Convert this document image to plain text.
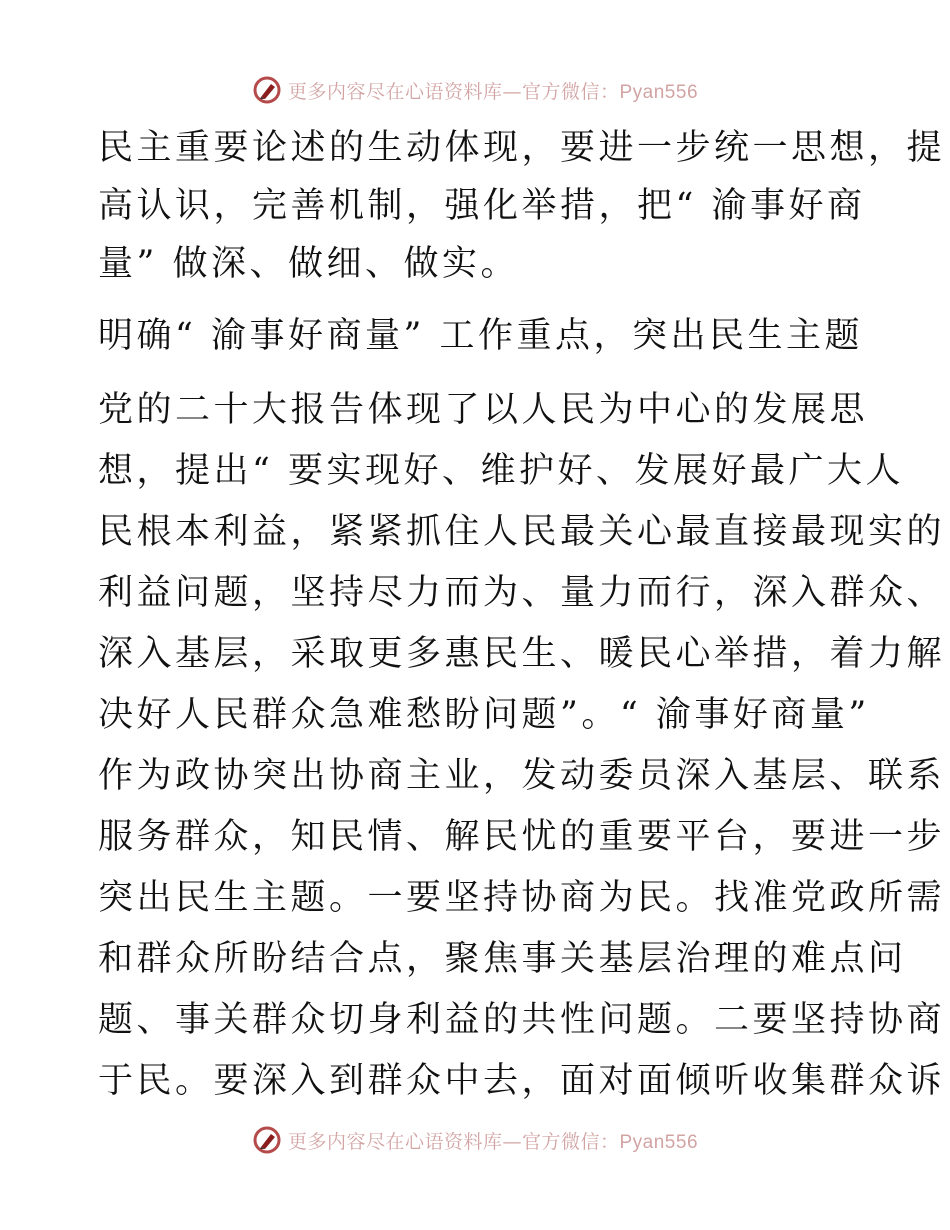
更多内容尽在心语资料库—官方微信：Pyan556
民主重要论述的生动体现，要进一步统一思想，提
高认识，完善机制，强化举措，把“ 渝事好商
量” 做深、做细、做实。
明确“ 渝事好商量” 工作重点，突出民生主题
党的二十大报告体现了以人民为中心的发展思
想，提出“ 要实现好、维护好、发展好最广大人
民根本利益，紧紧抓住人民最关心最直接最现实的
利益问题，坚持尽力而为、量力而行，深入群众、
深入基层，采取更多惠民生、暖民心举措，着力解
决好人民群众急难愁盼问题”。“ 渝事好商量”
作为政协突出协商主业，发动委员深入基层、联系
服务群众，知民情、解民忧的重要平台，要进一步
突出民生主题。一要坚持协商为民。找准党政所需
和群众所盼结合点，聚焦事关基层治理的难点问
题、事关群众切身利益的共性问题。二要坚持协商
于民。要深入到群众中去，面对面倾听收集群众诉
更多内容尽在心语资料库—官方微信：Pyan556
